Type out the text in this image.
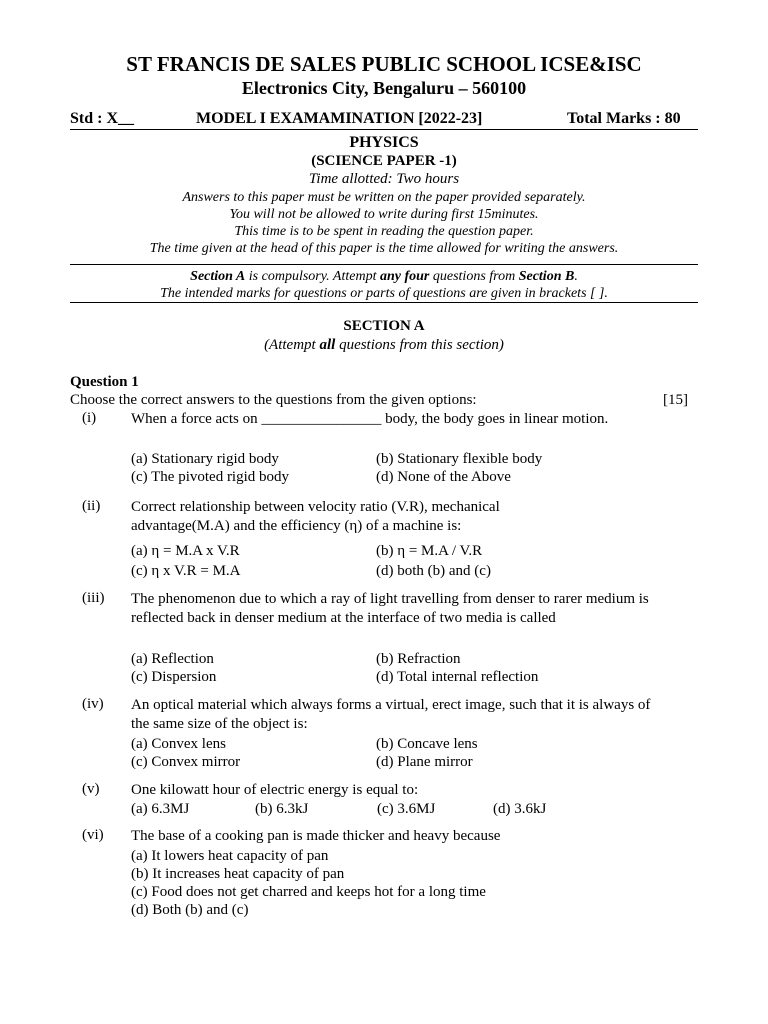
ST FRANCIS DE SALES PUBLIC SCHOOL ICSE&ISC
Electronics City, Bengaluru – 560100
Std : X__	MODEL I EXAMAMINATION [2022-23]	Total Marks : 80
PHYSICS
(SCIENCE PAPER -1)
Time allotted: Two hours
Answers to this paper must be written on the paper provided separately.
You will not be allowed to write during first 15minutes.
This time is to be spent in reading the question paper.
The time given at the head of this paper is the time allowed for writing the answers.
Section A is compulsory. Attempt any four questions from Section B.
The intended marks for questions or parts of questions are given in brackets [ ].
SECTION A
(Attempt all questions from this section)
Question 1
Choose the correct answers to the questions from the given options:	[15]
(i) When a force acts on ________________ body, the body goes in linear motion.
(a) Stationary rigid body	(b) Stationary flexible body
(c) The pivoted rigid body	(d) None of the Above
(ii) Correct relationship between velocity ratio (V.R), mechanical advantage(M.A) and the efficiency (η) of a machine is:
(a) η = M.A x V.R	(b) η = M.A / V.R
(c) η x V.R = M.A	(d) both (b) and (c)
(iii) The phenomenon due to which a ray of light travelling from denser to rarer medium is reflected back in denser medium at the interface of two media is called
(a) Reflection	(b) Refraction
(c) Dispersion	(d) Total internal reflection
(iv) An optical material which always forms a virtual, erect image, such that it is always of the same size of the object is:
(a) Convex lens	(b) Concave lens
(c) Convex mirror	(d) Plane mirror
(v) One kilowatt hour of electric energy is equal to:
(a) 6.3MJ	(b) 6.3kJ	(c) 3.6MJ	(d) 3.6kJ
(vi) The base of a cooking pan is made thicker and heavy because
(a) It lowers heat capacity of pan
(b) It increases heat capacity of pan
(c) Food does not get charred and keeps hot for a long time
(d) Both (b) and (c)
